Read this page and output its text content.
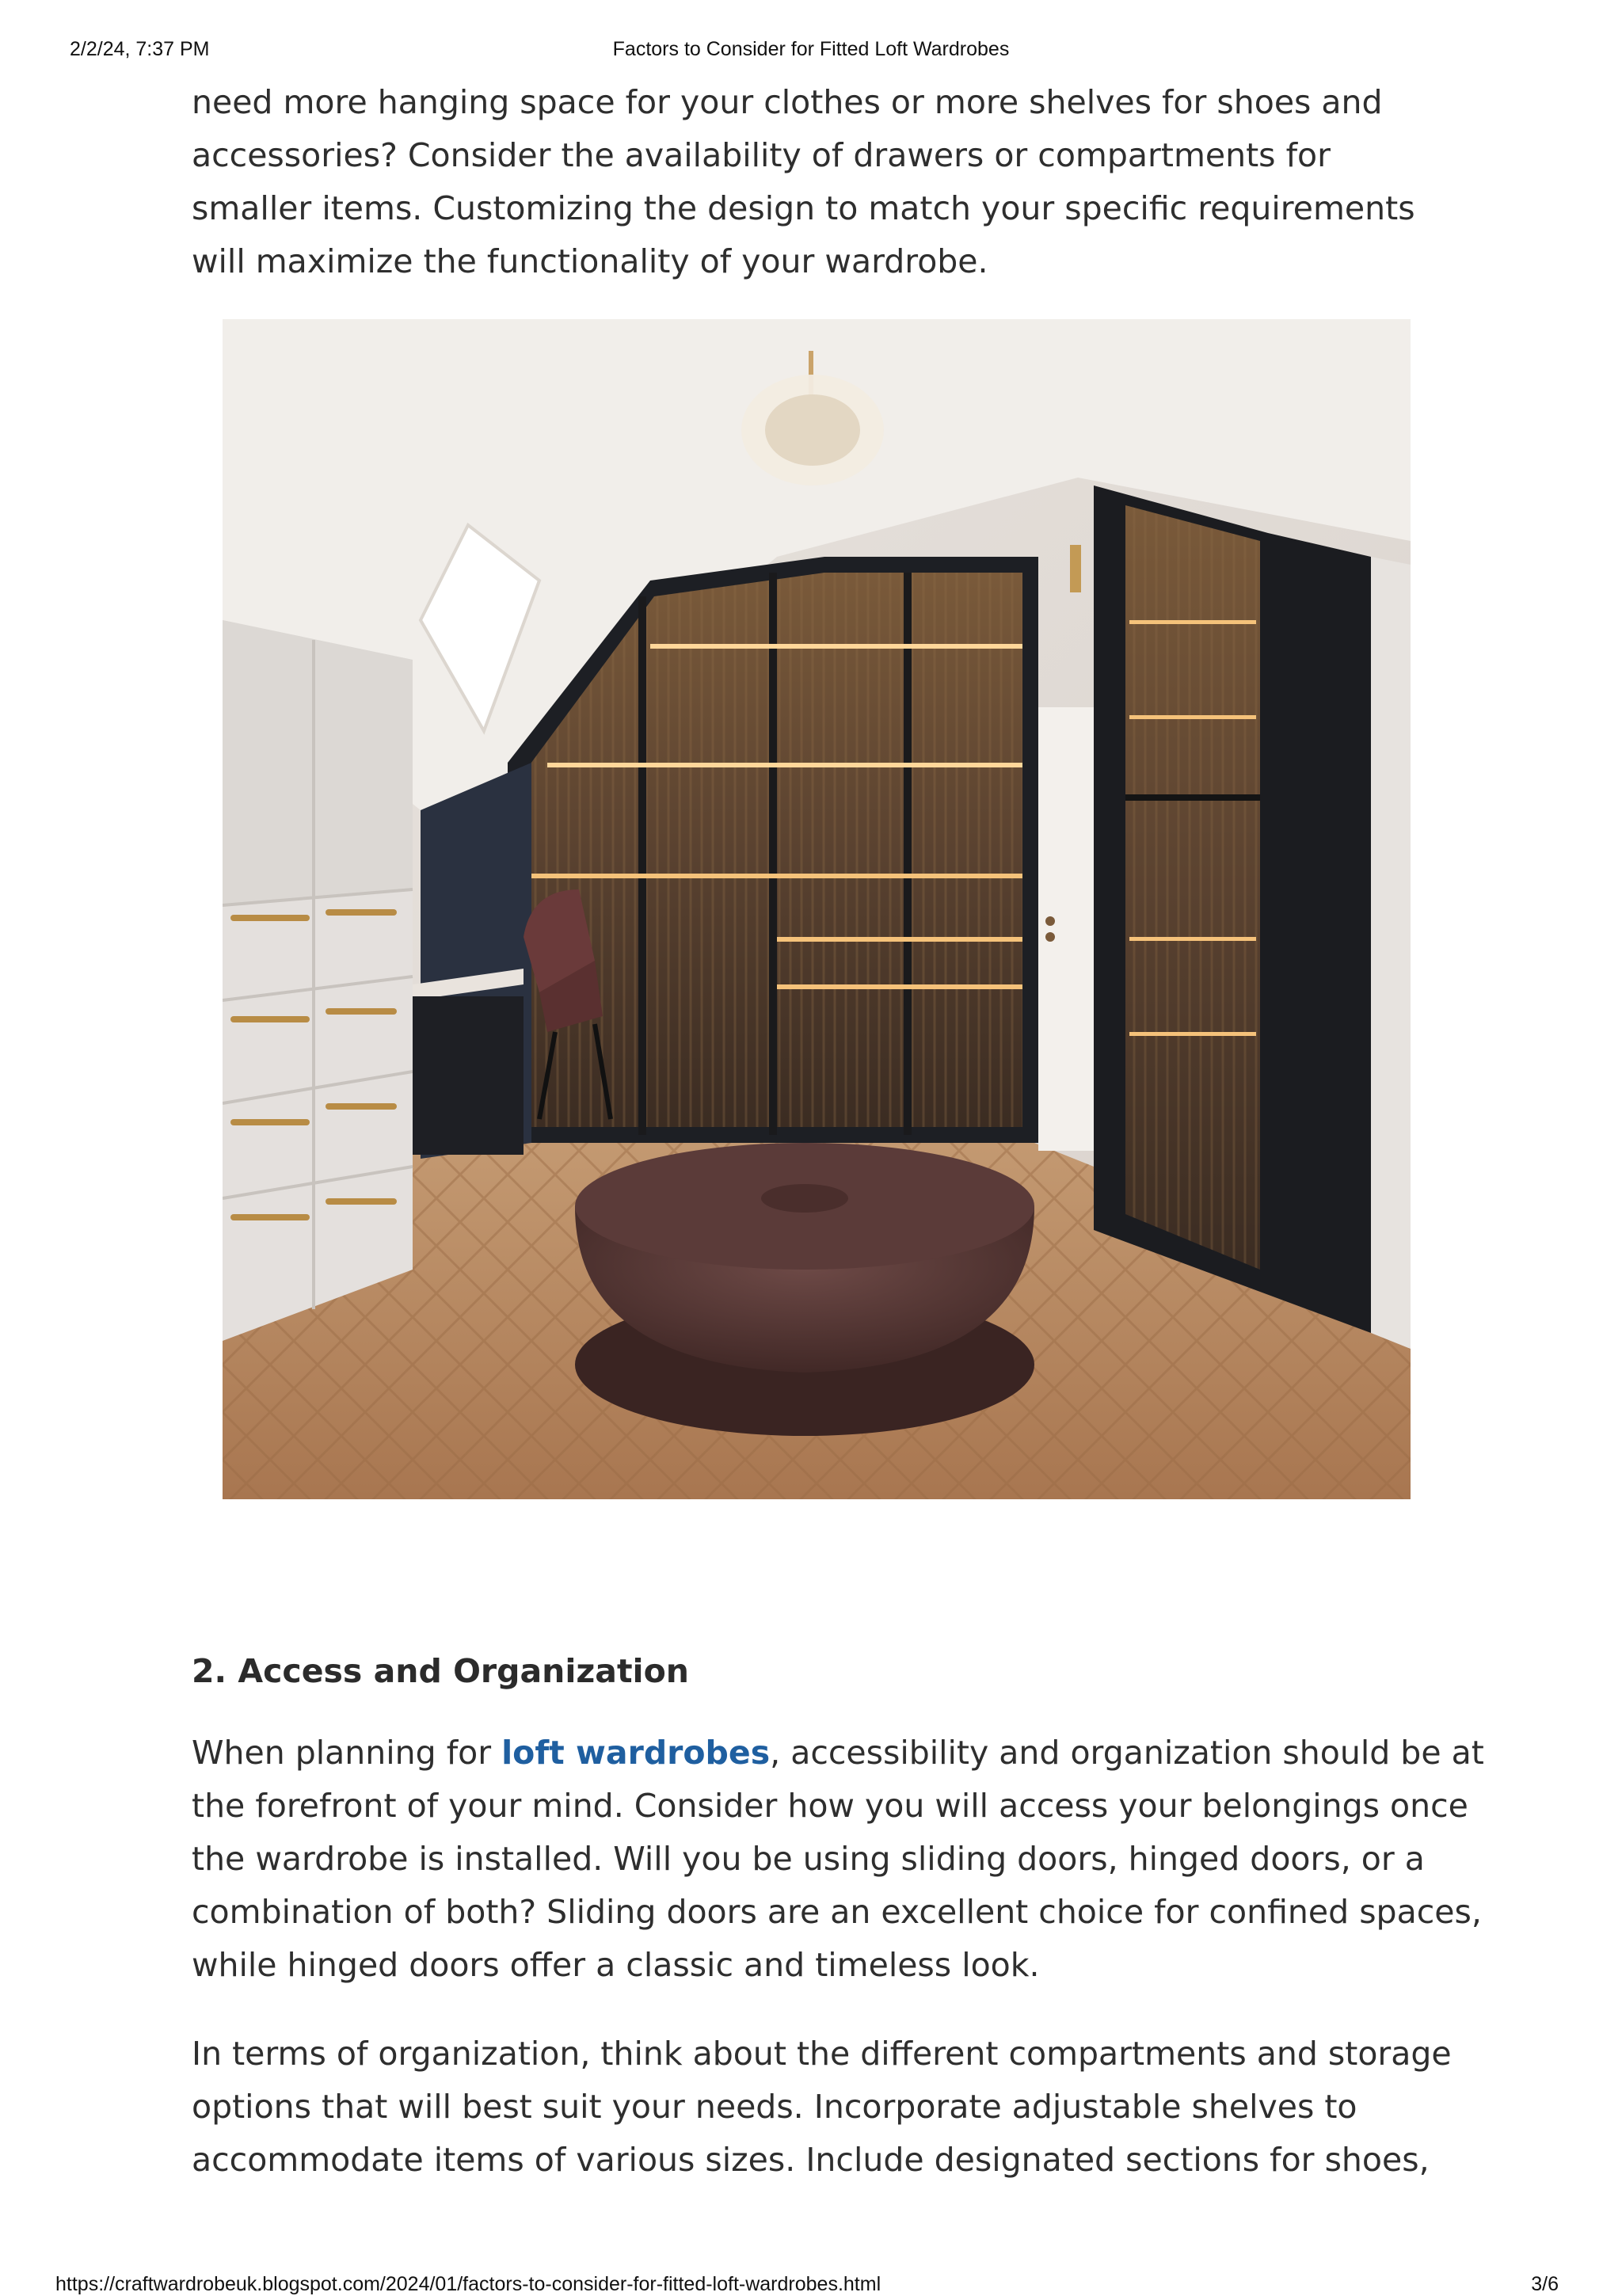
2/2/24, 7:37 PM	Factors to Consider for Fitted Loft Wardrobes

need more hanging space for your clothes or more shelves for shoes and accessories? Consider the availability of drawers or compartments for smaller items. Customizing the design to match your specific requirements will maximize the functionality of your wardrobe.

2. Access and Organization

When planning for loft wardrobes, accessibility and organization should be at the forefront of your mind. Consider how you will access your belongings once the wardrobe is installed. Will you be using sliding doors, hinged doors, or a combination of both? Sliding doors are an excellent choice for confined spaces, while hinged doors offer a classic and timeless look.

In terms of organization, think about the different compartments and storage options that will best suit your needs. Incorporate adjustable shelves to accommodate items of various sizes. Include designated sections for shoes,

https://craftwardrobeuk.blogspot.com/2024/01/factors-to-consider-for-fitted-loft-wardrobes.html	3/6
